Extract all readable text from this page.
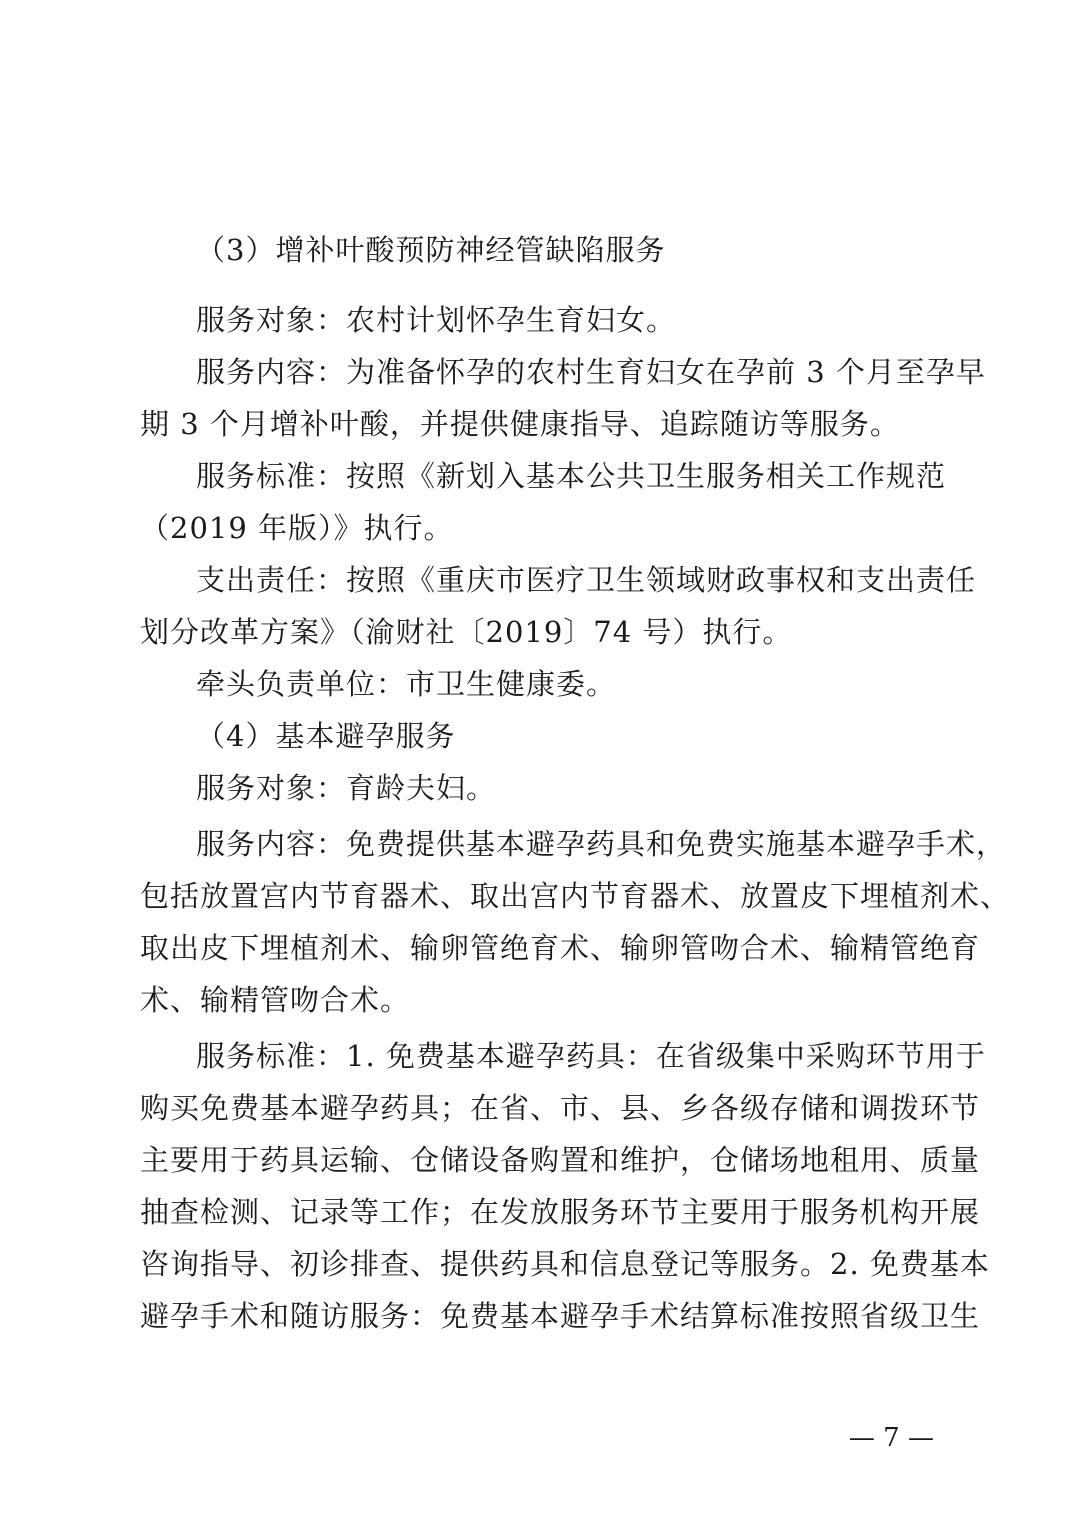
（3）增补叶酸预防神经管缺陷服务
服务对象：农村计划怀孕生育妇女。
服务内容：为准备怀孕的农村生育妇女在孕前 3 个月至孕早
期 3 个月增补叶酸，并提供健康指导、追踪随访等服务。
服务标准：按照《新划入基本公共卫生服务相关工作规范
（2019 年版）》执行。
支出责任：按照《重庆市医疗卫生领域财政事权和支出责任
划分改革方案》（渝财社〔2019〕74 号）执行。
牵头负责单位：市卫生健康委。
（4）基本避孕服务
服务对象：育龄夫妇。
服务内容：免费提供基本避孕药具和免费实施基本避孕手术，
包括放置宫内节育器术、取出宫内节育器术、放置皮下埋植剂术、
取出皮下埋植剂术、输卵管绝育术、输卵管吻合术、输精管绝育
术、输精管吻合术。
服务标准：1. 免费基本避孕药具：在省级集中采购环节用于
购买免费基本避孕药具；在省、市、县、乡各级存储和调拨环节
主要用于药具运输、仓储设备购置和维护，仓储场地租用、质量
抽查检测、记录等工作；在发放服务环节主要用于服务机构开展
咨询指导、初诊排查、提供药具和信息登记等服务。2. 免费基本
避孕手术和随访服务：免费基本避孕手术结算标准按照省级卫生
— 7 —
